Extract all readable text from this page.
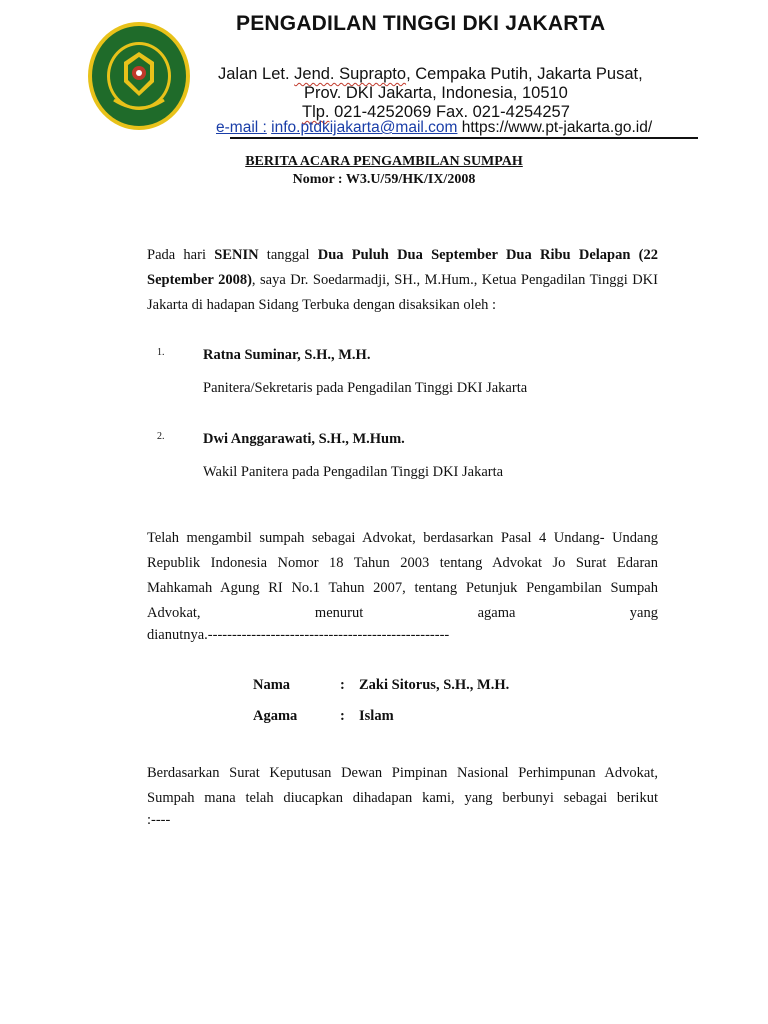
PENGADILAN TINGGI DKI JAKARTA
Jalan Let. Jend. Suprapto, Cempaka Putih, Jakarta Pusat,
Prov. DKI Jakarta, Indonesia, 10510
Tlp. 021-4252069 Fax. 021-4254257
e-mail : info.ptdkijakarta@mail.com https://www.pt-jakarta.go.id/
BERITA ACARA PENGAMBILAN SUMPAH
Nomor : W3.U/59/HK/IX/2008
Pada hari SENIN tanggal Dua Puluh Dua September Dua Ribu Delapan (22 September 2008), saya Dr. Soedarmadji, SH., M.Hum., Ketua Pengadilan Tinggi DKI Jakarta di hadapan Sidang Terbuka dengan disaksikan oleh :
1.	Ratna Suminar, S.H., M.H.
Panitera/Sekretaris pada Pengadilan Tinggi DKI Jakarta
2.	Dwi Anggarawati, S.H., M.Hum.
Wakil Panitera pada Pengadilan Tinggi DKI Jakarta
Telah mengambil sumpah sebagai Advokat, berdasarkan Pasal 4 Undang- Undang Republik Indonesia Nomor 18 Tahun 2003 tentang Advokat Jo Surat Edaran Mahkamah Agung RI No.1 Tahun 2007, tentang Petunjuk Pengambilan Sumpah Advokat, menurut agama yang
dianutnya.--------------------------------------------------
Nama	: Zaki Sitorus, S.H., M.H.
Agama	: Islam
Berdasarkan Surat Keputusan Dewan Pimpinan Nasional Perhimpunan Advokat, Sumpah mana telah diucapkan dihadapan kami, yang berbunyi sebagai berikut
:----
